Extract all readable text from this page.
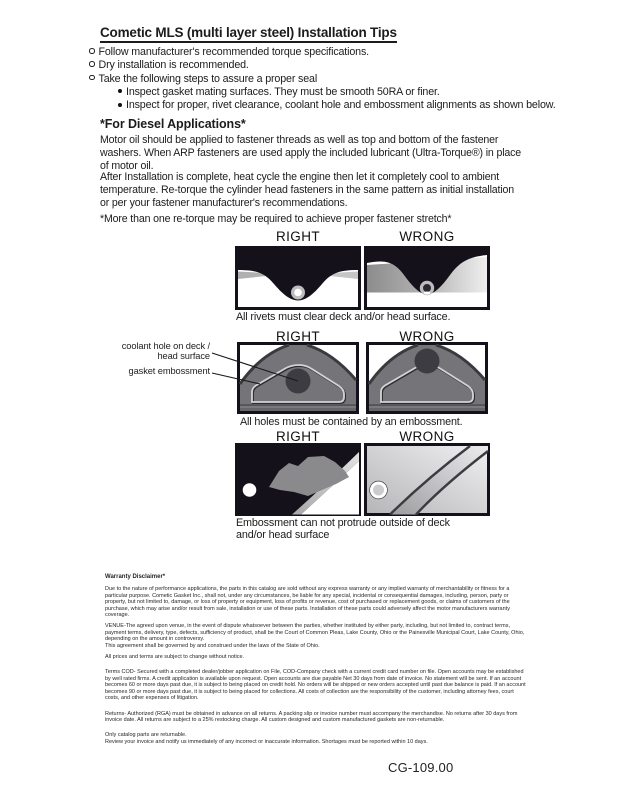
Cometic MLS (multi layer steel) Installation Tips
Follow manufacturer's recommended torque specifications.
Dry installation is recommended.
Take the following steps to assure a proper seal
Inspect gasket mating surfaces. They must be smooth 50RA or finer.
Inspect for proper, rivet clearance, coolant hole and embossment alignments as shown below.
*For Diesel Applications*
Motor oil should be applied to fastener threads as well as top and bottom of the fastener washers. When ARP fasteners are used apply the included lubricant (Ultra-Torque®) in place of motor oil.
After Installation is complete, heat cycle the engine then let it completely cool to ambient temperature. Re-torque the cylinder head fasteners in the same pattern as initial installation or per your fastener manufacturer's recommendations.
*More than one re-torque may be required to achieve proper fastener stretch*
RIGHT	WRONG
All rivets must clear deck and/or head surface.
RIGHT	WRONG
coolant hole on deck / head surface
gasket embossment
All holes must be contained by an embossment.
RIGHT	WRONG
Embossment can not protrude outside of deck and/or head surface
Warranty Disclaimer*
Due to the nature of performance applications, the parts in this catalog are sold without any express warranty or any implied warranty of merchantability or fitness for a particular purpose. Cometic Gasket Inc., shall not, under any circumstances, be liable for any special, incidental or consequential damages, including, person, party or property, but not limited to, damage, or loss of property or equipment, loss of profits or revenue, cost of purchased or replacement goods, or claims of customers of the purchase, which may arise and/or result from sale, installation or use of these parts. Installation of these parts could adversely affect the motor manufacturers warranty coverage.
VENUE-The agreed upon venue, in the event of dispute whatsoever between the parties, whether instituted by either party, including, but not limited to, contract terms, payment terms, delivery, type, defects, sufficiency of product, shall be the Court of Common Pleas, Lake County, Ohio or the Painesville Municipal Court, Lake County, Ohio, depending on the amount in controversy.
This agreement shall be governed by and construed under the laws of the State of Ohio.
All prices and terms are subject to change without notice.
Terms COD- Secured with a completed dealer/jobber application on File, COD-Company check with a current credit card number on file. Open accounts may be established by well rated firms. A credit application is available upon request. Open accounts are due payable Net 30 days from date of invoice. No statement will be sent. If an account becomes 60 or more days past due, it is subject to being placed on credit hold. No orders will be shipped or new orders accepted until past due balance is paid. If an account becomes 90 or more days past due, it is subject to being placed for collections. All costs of collection are the responsibility of the customer, including attorney fees, court costs, and other expenses of litigation.
Returns- Authorized (RGA) must be obtained in advance on all returns. A packing slip or invoice number must accompany the merchandise. No returns after 30 days from invoice date. All returns are subject to a 25% restocking charge. All custom designed and custom manufactured gaskets are non-returnable.
Only catalog parts are returnable.
Review your invoice and notify us immediately of any incorrect or inaccurate information. Shortages must be reported within 10 days.
CG-109.00
